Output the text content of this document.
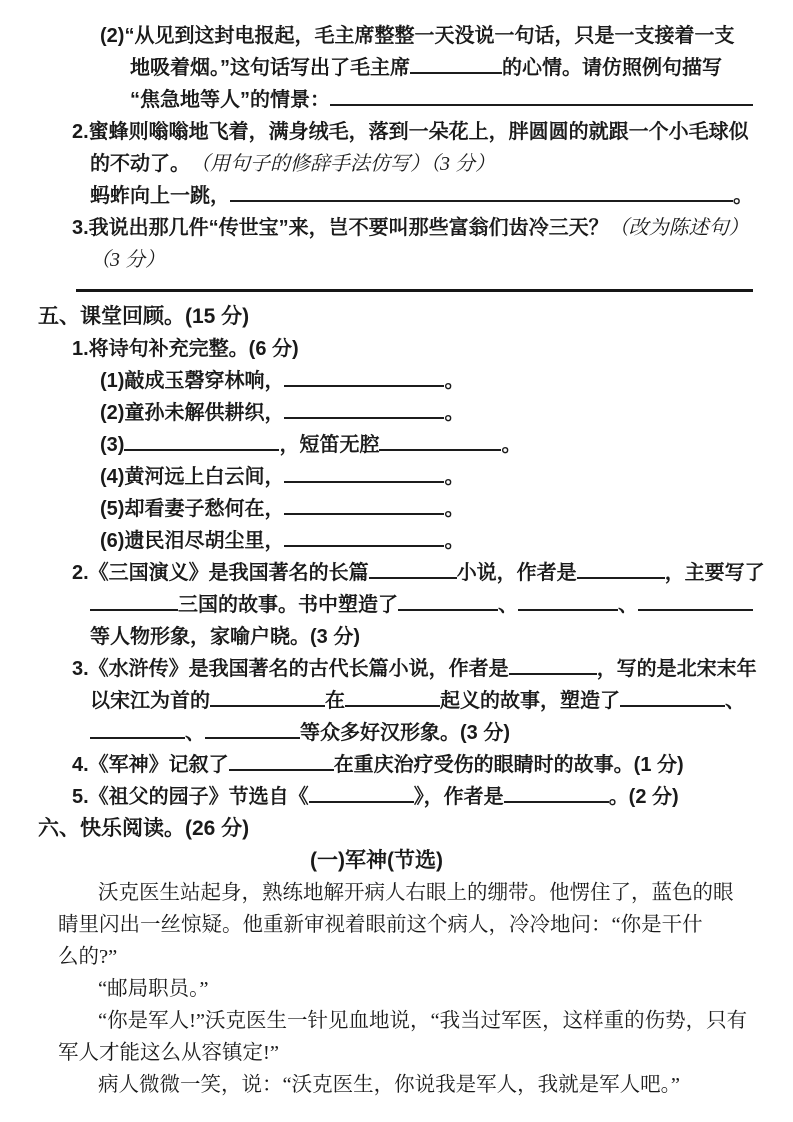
(2)“从见到这封电报起，毛主席整整一天没说一句话，只是一支接着一支
地吸着烟。”这句话写出了毛主席	的心情。请仿照例句描写
“焦急地等人”的情景：
2.蜜蜂则嗡嗡地飞着，满身绒毛，落到一朵花上，胖圆圆的就跟一个小毛球似
的不动了。 （用句子的修辞手法仿写）（3 分）
蚂蚱向上一跳，	。
3.我说出那几件“传世宝”来，岂不要叫那些富翁们齿冷三天？ （改为陈述句）
（3 分）
五、课堂回顾。(15 分)
1.将诗句补充完整。(6 分)
(1)敲成玉磬穿林响，	。
(2)童孙未解供耕织，	。
(3)	，短笛无腔	。
(4)黄河远上白云间，	。
(5)却看妻子愁何在，	。
(6)遗民泪尽胡尘里，	。
2.《三国演义》是我国著名的长篇	小说，作者是	，主要写了
三国的故事。书中塑造了	、	、
等人物形象，家喻户晓。(3 分)
3.《水浒传》是我国著名的古代长篇小说，作者是	，写的是北宋末年
以宋江为首的	在	起义的故事，塑造了	、
、	等众多好汉形象。(3 分)
4.《军神》记叙了	在重庆治疗受伤的眼睛时的故事。(1 分)
5.《祖父的园子》节选自《	》，作者是	。(2 分)
六、快乐阅读。(26 分)
(一)军神(节选)
沃克医生站起身，熟练地解开病人右眼上的绷带。他愣住了，蓝色的眼
睛里闪出一丝惊疑。他重新审视着眼前这个病人，冷冷地问：“你是干什
么的?”
“邮局职员。”
“你是军人!”沃克医生一针见血地说，“我当过军医，这样重的伤势，只有
军人才能这么从容镇定!”
病人微微一笑，说：“沃克医生，你说我是军人，我就是军人吧。”
